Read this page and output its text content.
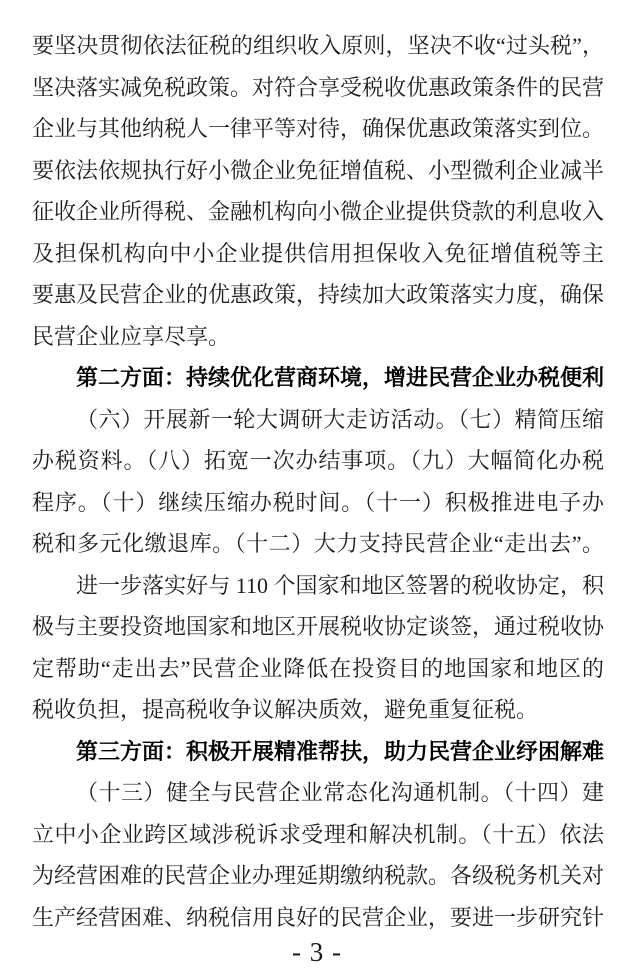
要坚决贯彻依法征税的组织收入原则，坚决不收“过头税”，
坚决落实减免税政策。对符合享受税收优惠政策条件的民营
企业与其他纳税人一律平等对待，确保优惠政策落实到位。
要依法依规执行好小微企业免征增值税、小型微利企业减半
征收企业所得税、金融机构向小微企业提供贷款的利息收入
及担保机构向中小企业提供信用担保收入免征增值税等主
要惠及民营企业的优惠政策，持续加大政策落实力度，确保
民营企业应享尽享。
第二方面：持续优化营商环境，增进民营企业办税便利
（六）开展新一轮大调研大走访活动。（七）精简压缩
办税资料。（八）拓宽一次办结事项。（九）大幅简化办税
程序。（十）继续压缩办税时间。（十一）积极推进电子办
税和多元化缴退库。（十二）大力支持民营企业“走出去”。
进一步落实好与 110 个国家和地区签署的税收协定，积
极与主要投资地国家和地区开展税收协定谈签，通过税收协
定帮助“走出去”民营企业降低在投资目的地国家和地区的
税收负担，提高税收争议解决质效，避免重复征税。
第三方面：积极开展精准帮扶，助力民营企业纾困解难
（十三）健全与民营企业常态化沟通机制。（十四）建
立中小企业跨区域涉税诉求受理和解决机制。（十五）依法
为经营困难的民营企业办理延期缴纳税款。各级税务机关对
生产经营困难、纳税信用良好的民营企业，要进一步研究针
- 3 -
